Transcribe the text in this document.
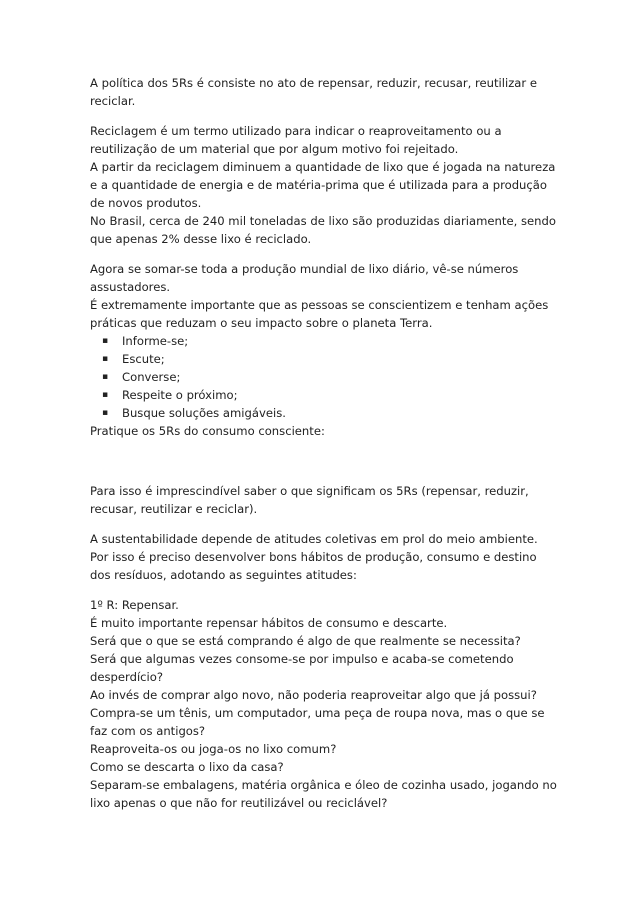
A política dos 5Rs é consiste no ato de repensar, reduzir, recusar, reutilizar e
reciclar.

Reciclagem é um termo utilizado para indicar o reaproveitamento ou a
reutilização de um material que por algum motivo foi rejeitado.
A partir da reciclagem diminuem a quantidade de lixo que é jogada na natureza
e a quantidade de energia e de matéria-prima que é utilizada para a produção
de novos produtos.
No Brasil, cerca de 240 mil toneladas de lixo são produzidas diariamente, sendo
que apenas 2% desse lixo é reciclado.

Agora se somar-se toda a produção mundial de lixo diário, vê-se números
assustadores.
É extremamente importante que as pessoas se conscientizem e tenham ações
práticas que reduzam o seu impacto sobre o planeta Terra.
▪ Informe-se;
▪ Escute;
▪ Converse;
▪ Respeite o próximo;
▪ Busque soluções amigáveis.
Pratique os 5Rs do consumo consciente:

Para isso é imprescindível saber o que significam os 5Rs (repensar, reduzir,
recusar, reutilizar e reciclar).

A sustentabilidade depende de atitudes coletivas em prol do meio ambiente.
Por isso é preciso desenvolver bons hábitos de produção, consumo e destino
dos resíduos, adotando as seguintes atitudes:

1º R: Repensar.
É muito importante repensar hábitos de consumo e descarte.
Será que o que se está comprando é algo de que realmente se necessita?
Será que algumas vezes consome-se por impulso e acaba-se cometendo
desperdício?
Ao invés de comprar algo novo, não poderia reaproveitar algo que já possui?
Compra-se um tênis, um computador, uma peça de roupa nova, mas o que se
faz com os antigos?
Reaproveita-os ou joga-os no lixo comum?
Como se descarta o lixo da casa?
Separam-se embalagens, matéria orgânica e óleo de cozinha usado, jogando no
lixo apenas o que não for reutilizável ou reciclável?
